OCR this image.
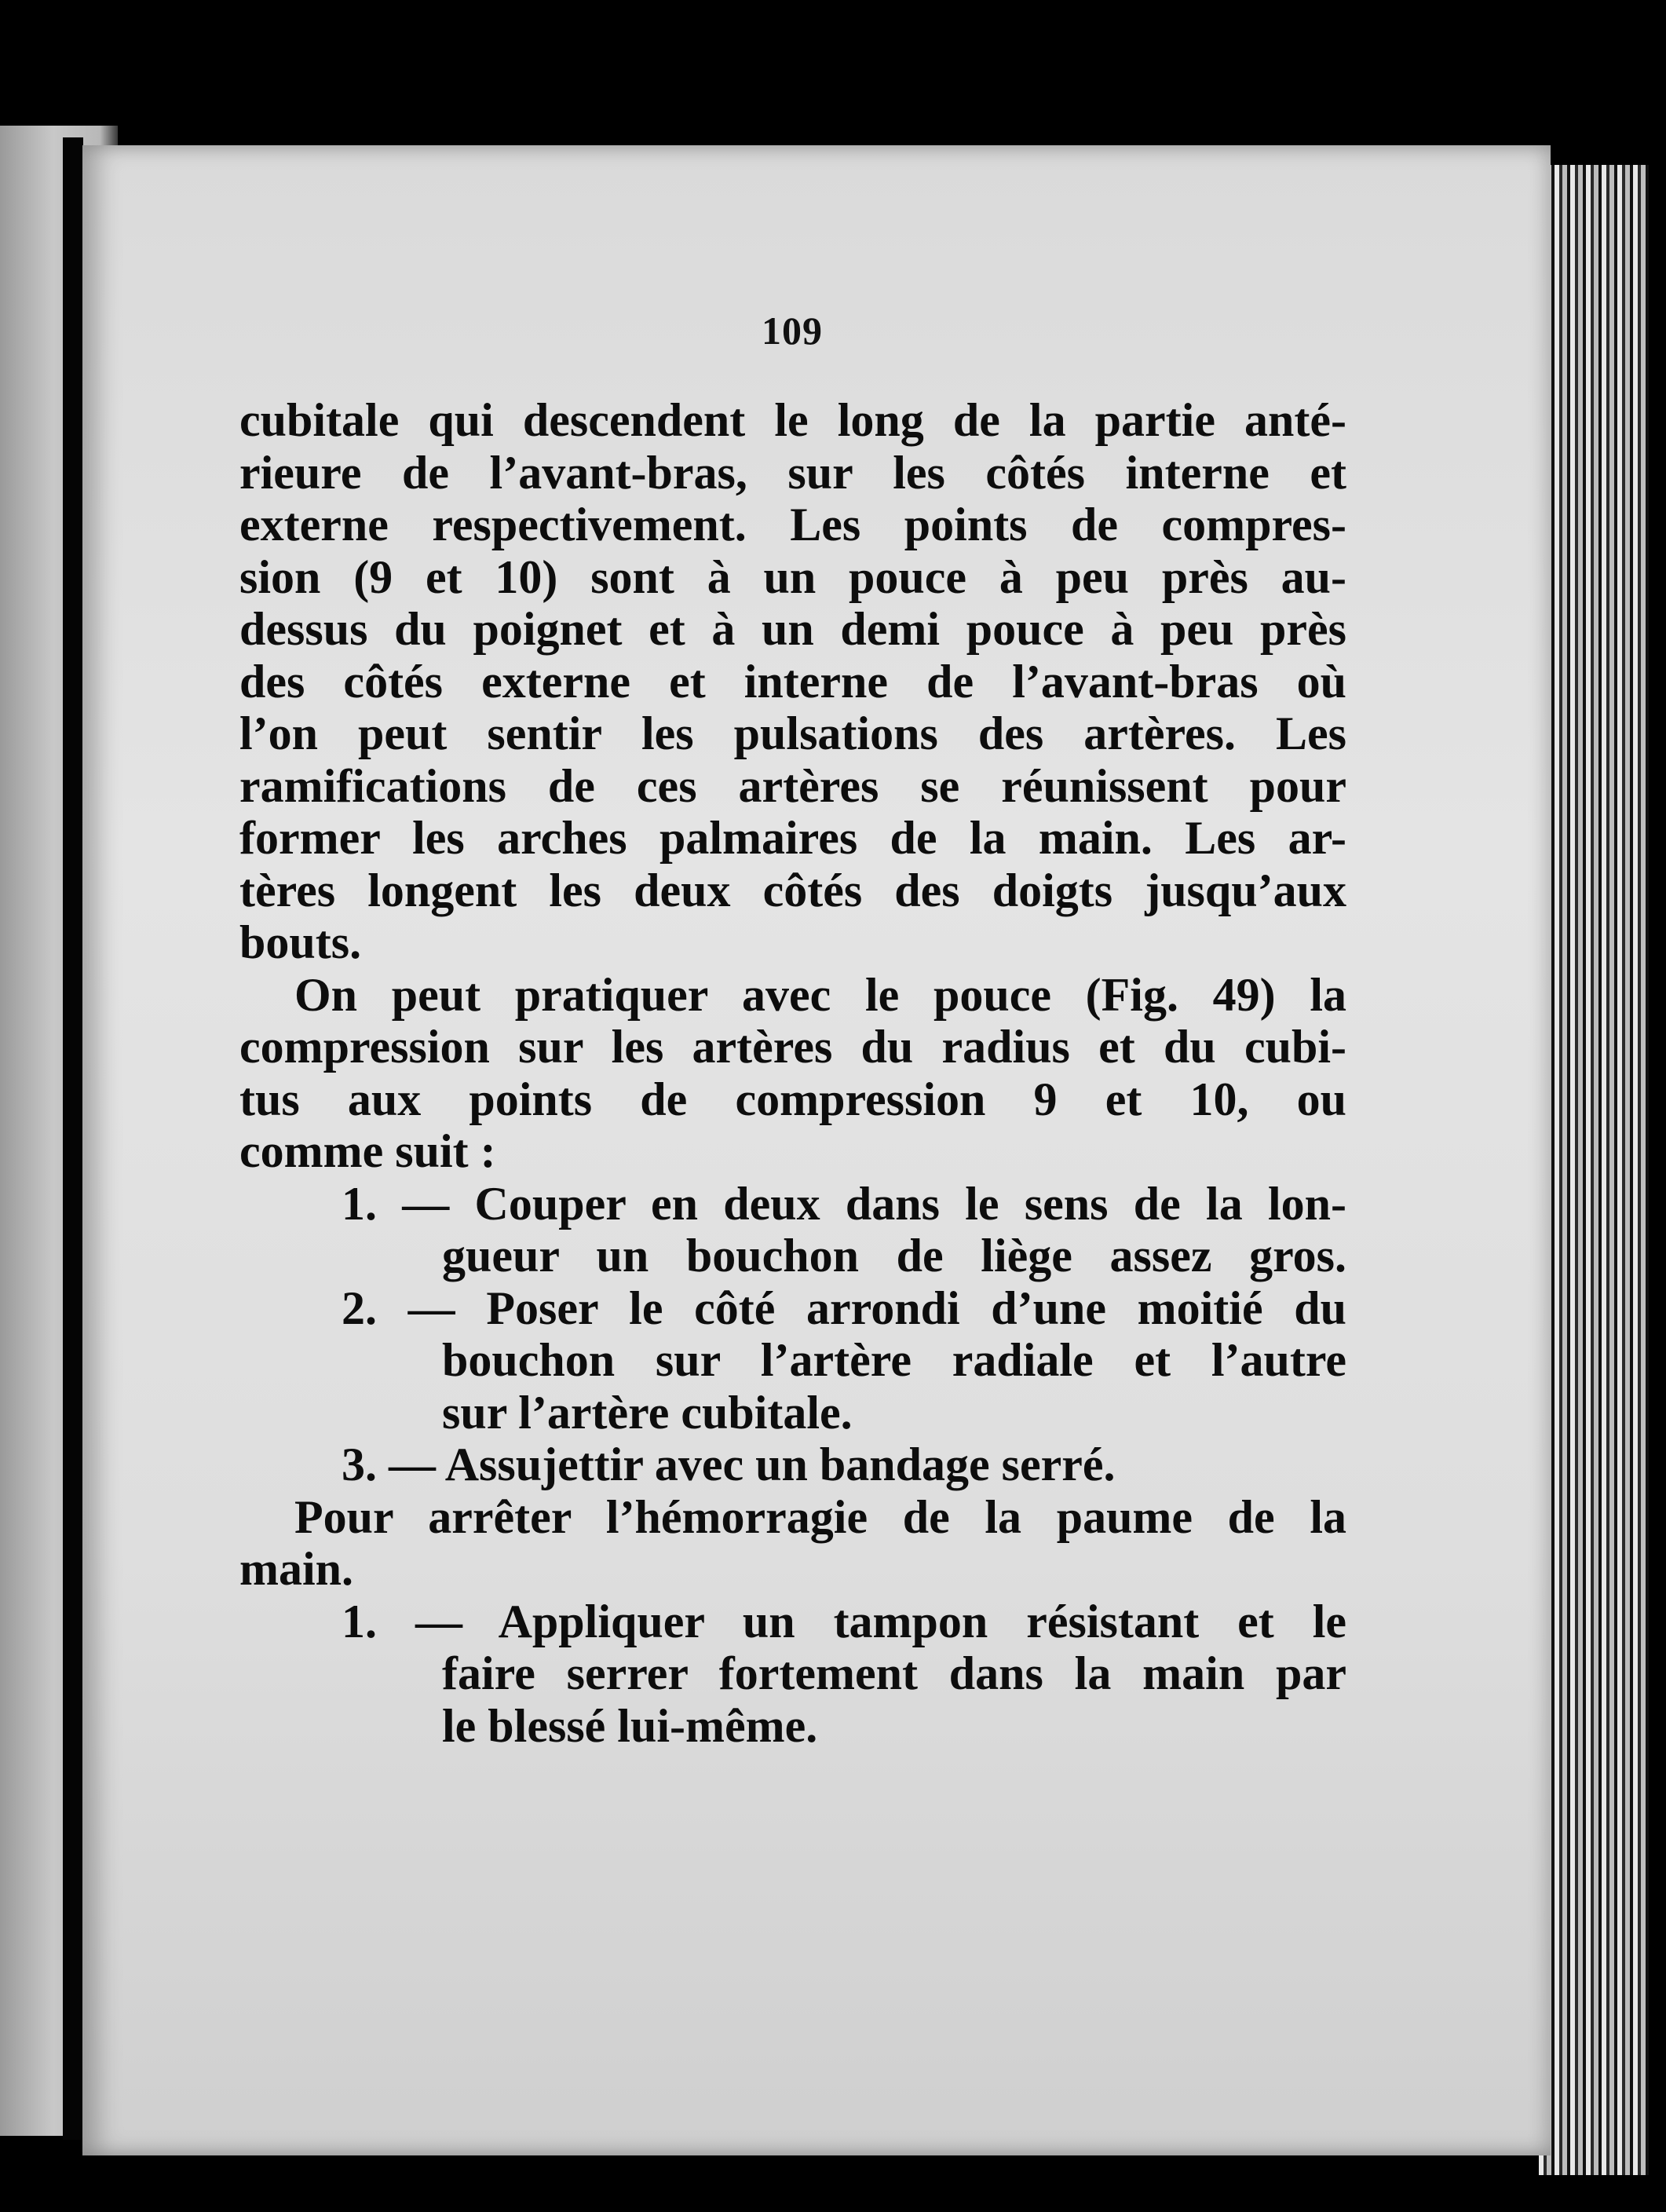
109
cubitale qui descendent le long de la partie anté-
rieure de l’avant-bras, sur les côtés interne et
externe respectivement. Les points de compres-
sion (9 et 10) sont à un pouce à peu près au-
dessus du poignet et à un demi pouce à peu près
des côtés externe et interne de l’avant-bras où
l’on peut sentir les pulsations des artères. Les
ramifications de ces artères se réunissent pour
former les arches palmaires de la main. Les ar-
tères longent les deux côtés des doigts jusqu’aux
bouts.
On peut pratiquer avec le pouce (Fig. 49) la
compression sur les artères du radius et du cubi-
tus aux points de compression 9 et 10, ou
comme suit :
1. — Couper en deux dans le sens de la lon-
gueur un bouchon de liège assez gros.
2. — Poser le côté arrondi d’une moitié du
bouchon sur l’artère radiale et l’autre
sur l’artère cubitale.
3. — Assujettir avec un bandage serré.
Pour arrêter l’hémorragie de la paume de la
main.
1. — Appliquer un tampon résistant et le
faire serrer fortement dans la main par
le blessé lui-même.
